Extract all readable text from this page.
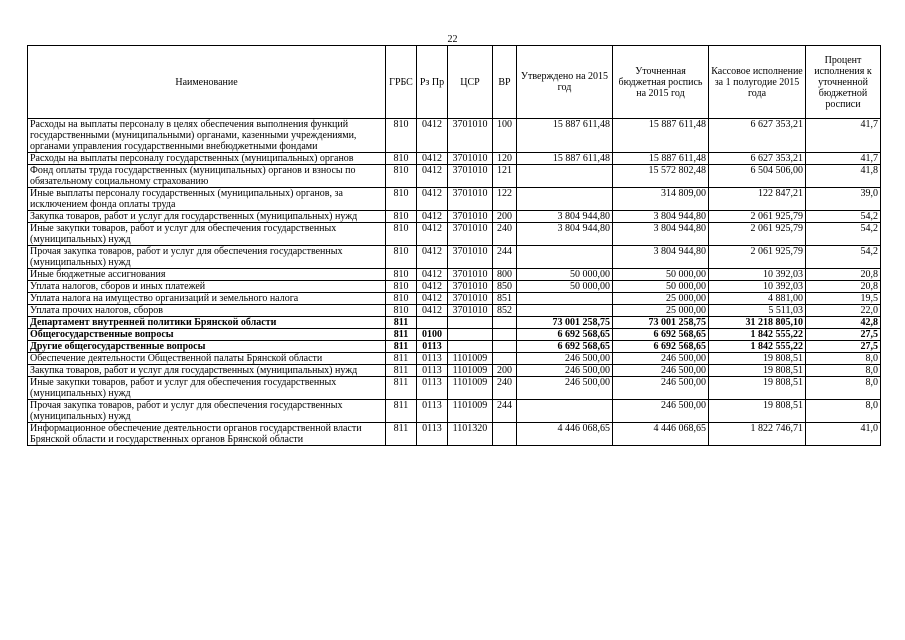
22
Наименование	ГРБС	Рз Пр	ЦСР	ВР	Утверждено на 2015 год	Уточненная бюджетная роспись на 2015 год	Кассовое исполнение за 1 полугодие 2015 года	Процент исполнения к уточненной бюджетной росписи
Расходы на выплаты персоналу в целях обеспечения выполнения функций государственными (муниципальными) органами, казенными учреждениями, органами управления государственными внебюджетными фондами	810	0412	3701010	100	15 887 611,48	15 887 611,48	6 627 353,21	41,7
Расходы на выплаты персоналу государственных (муниципальных) органов	810	0412	3701010	120	15 887 611,48	15 887 611,48	6 627 353,21	41,7
Фонд оплаты труда государственных (муниципальных) органов и взносы по обязательному социальному страхованию	810	0412	3701010	121		15 572 802,48	6 504 506,00	41,8
Иные выплаты персоналу государственных (муниципальных) органов, за исключением фонда оплаты труда	810	0412	3701010	122		314 809,00	122 847,21	39,0
Закупка товаров, работ и услуг для государственных (муниципальных) нужд	810	0412	3701010	200	3 804 944,80	3 804 944,80	2 061 925,79	54,2
Иные закупки товаров, работ и услуг для обеспечения государственных (муниципальных) нужд	810	0412	3701010	240	3 804 944,80	3 804 944,80	2 061 925,79	54,2
Прочая закупка товаров, работ и услуг для обеспечения государственных (муниципальных) нужд	810	0412	3701010	244		3 804 944,80	2 061 925,79	54,2
Иные бюджетные ассигнования	810	0412	3701010	800	50 000,00	50 000,00	10 392,03	20,8
Уплата налогов, сборов и иных платежей	810	0412	3701010	850	50 000,00	50 000,00	10 392,03	20,8
Уплата налога на имущество организаций и земельного налога	810	0412	3701010	851		25 000,00	4 881,00	19,5
Уплата прочих налогов, сборов	810	0412	3701010	852		25 000,00	5 511,03	22,0
Департамент внутренней политики Брянской области	811				73 001 258,75	73 001 258,75	31 218 805,10	42,8
Общегосударственные вопросы	811	0100			6 692 568,65	6 692 568,65	1 842 555,22	27,5
Другие общегосударственные вопросы	811	0113			6 692 568,65	6 692 568,65	1 842 555,22	27,5
Обеспечение деятельности Общественной палаты Брянской области	811	0113	1101009		246 500,00	246 500,00	19 808,51	8,0
Закупка товаров, работ и услуг для государственных (муниципальных) нужд	811	0113	1101009	200	246 500,00	246 500,00	19 808,51	8,0
Иные закупки товаров, работ и услуг для обеспечения государственных (муниципальных) нужд	811	0113	1101009	240	246 500,00	246 500,00	19 808,51	8,0
Прочая закупка товаров, работ и услуг для обеспечения государственных (муниципальных) нужд	811	0113	1101009	244		246 500,00	19 808,51	8,0
Информационное обеспечение деятельности органов государственной власти Брянской области и государственных органов Брянской области	811	0113	1101320		4 446 068,65	4 446 068,65	1 822 746,71	41,0
